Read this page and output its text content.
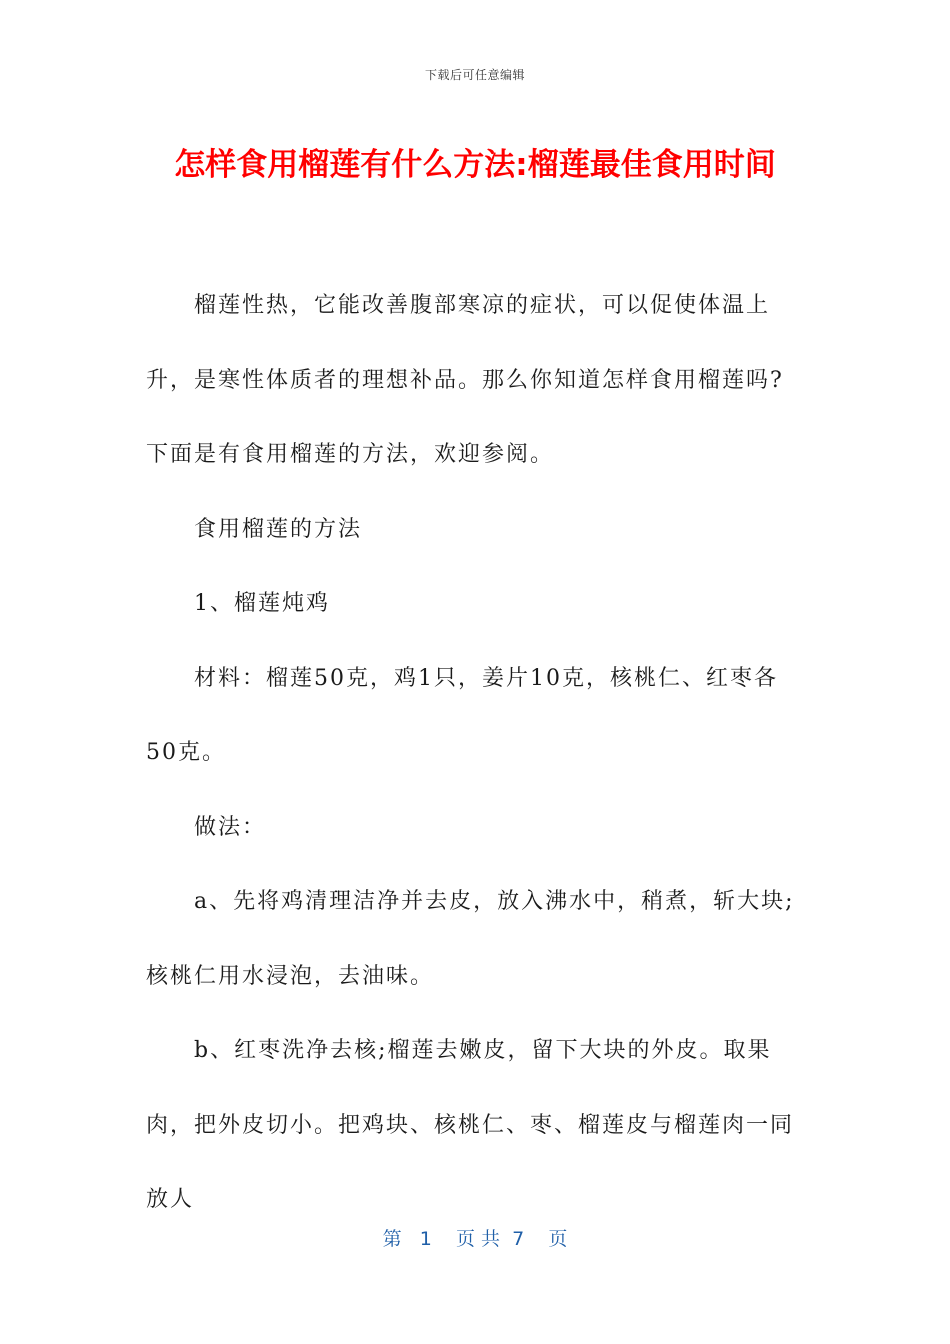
下载后可任意编辑
怎样食用榴莲有什么方法:榴莲最佳食用时间

榴莲性热，它能改善腹部寒凉的症状，可以促使体温上升，是寒性体质者的理想补品。那么你知道怎样食用榴莲吗?下面是有食用榴莲的方法，欢迎参阅。

食用榴莲的方法

1、榴莲炖鸡

材料：榴莲50克，鸡1只，姜片10克，核桃仁、红枣各50克。

做法：

a、先将鸡清理洁净并去皮，放入沸水中，稍煮，斩大块;核桃仁用水浸泡，去油味。

b、红枣洗净去核;榴莲去嫩皮，留下大块的外皮。取果肉，把外皮切小。把鸡块、核桃仁、枣、榴莲皮与榴莲肉一同放人

第   1    页 共  7    页
